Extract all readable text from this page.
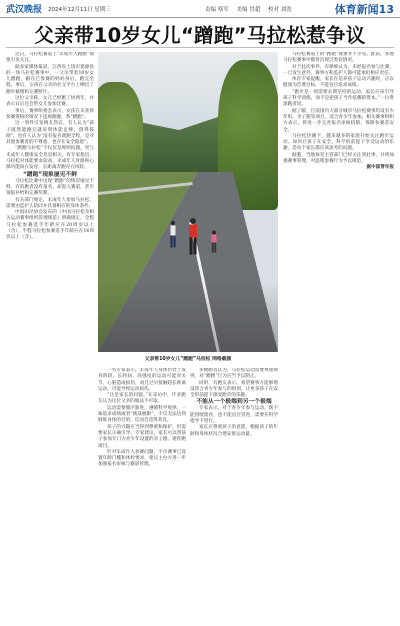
武汉晚报 2024年12月11日 星期三	责编 蔡军 美编 冒超 校对 刘洗	体育新闻13
父亲带10岁女儿“蹭跑”马拉松惹争议

近日，马拉松赛道上“未成年人蹭跑”现象引发关注。

据多家媒体报道，江西省上饶市婺源县的一场马拉松赛事中，一父亲带着10岁女儿蹭跑，跟在已参赛的妈妈身后，跑完全程。事后，女孩在父亲的社交平台上晒出了跑步截图和完赛照片。

这位父亲称，女儿已经跑了快两年，并表示日后还会带女儿参加比赛。

事后，赛事组委会表示，女孩在未获得参赛资格的情况下违规跑赛，系“蹭跑”。

这一事件引发网友热议。有人认为“孩子既然能跑完就说明体能足够，值得鼓励”，也有人认为“没有报名就跑全程，是对其他参赛者的不尊重，也存在安全隐患”。

“蹭跑马拉松”不仅仅是规则问题，更与未成年人健康安全息息相关。有专家指出，马拉松对体能要求较高，未成年人骨骼和心肺功能尚在发育，长距离奔跑存在风险。

“蹭跑”现象屡见不鲜

马拉松比赛中出现“蹭跑”的情况屡见不鲜。有的跑者没有报名，却混入赛道，甚至领取补给和完赛奖牌。

有关部门规定，未成年人参加马拉松，需要由监护人陪同并具备相应的身体条件。

中国田径协会发布的《中国马拉松及相关运动赛事组织管理规范》明确规定，全程马拉松参赛选手年龄应在20周岁以上（含），半程马拉松参赛选手年龄应在16周岁以上（含）。

父亲带10岁女儿“蹭跑”马拉松 网络截图

一名专家表示，未成年人身体仍处于发育阶段，长时间、高强度的运动可能对关节、心脏造成损伤，而且过早接触超长距离运动，可能导致运动损伤。

“这是家长的问题。”在采访中，许多跑友认为这位父亲的做法不可取。

运动需要循序渐进，遵循科学规律，一味追求成绩或者“挑战极限”，不仅无法达到锻炼身体的目的，反而会适得其反。

孩子的兴趣应当得到尊重和保护，但需要家长正确引导。专家建议，家长可以带孩子参加专门为青少年设置的亲子跑、迷你跑项目。

针对未成年人参赛问题，不少赛事已设置年龄门槛和体检要求，建议主办方进一步加强报名审核与赛道管理。

多数跑者认为，马拉松运动需要尊重规则，对“蹭跑”行为应当予以制止。

同时，有跑友表示，希望赛事方能够增设适合青少年参与的组别，让更多孩子在安全的前提下感受跑步的乐趣。

不能从一个极端到另一个极端

专家表示，对于青少年参与运动，既不能因噎废食，也不能盲目冒进，需要在科学指导下进行。

家长应尊重孩子的意愿，根据孩子的年龄和身体状况合理安排运动量。

马拉松赛道上的“蹭跑”现象并不少见。此前，多地马拉松赛事中都曾出现过类似情况。

对于此次事件，有律师认为，未经报名参与比赛，一旦发生意外，赛事方和监护人都可能承担相应责任。

体育专家提醒，家长在培养孩子运动兴趣时，应以健康为首要目标，不能盲目追求成绩。

“跑步是一项需要长期坚持的运动，家长应该引导孩子科学训练，而不是把孩子当作炫耀的资本。”一位资深跑者说。

据了解，目前国内大部分城市马拉松赛事均设有少年组、亲子跑等项目，适合青少年参加。相关赛事组织方表示，将进一步完善报名审核机制，保障参赛者安全。

马拉松热潮下，越来越多的家庭开始关注跑步运动。如何让孩子在安全、科学的前提下享受运动的乐趣，是每个家长都应该思考的问题。

据悉，当地体育主管部门已经关注到此事，并将加强赛事管理，对违规参赛行为予以规范。

据中国青年报
